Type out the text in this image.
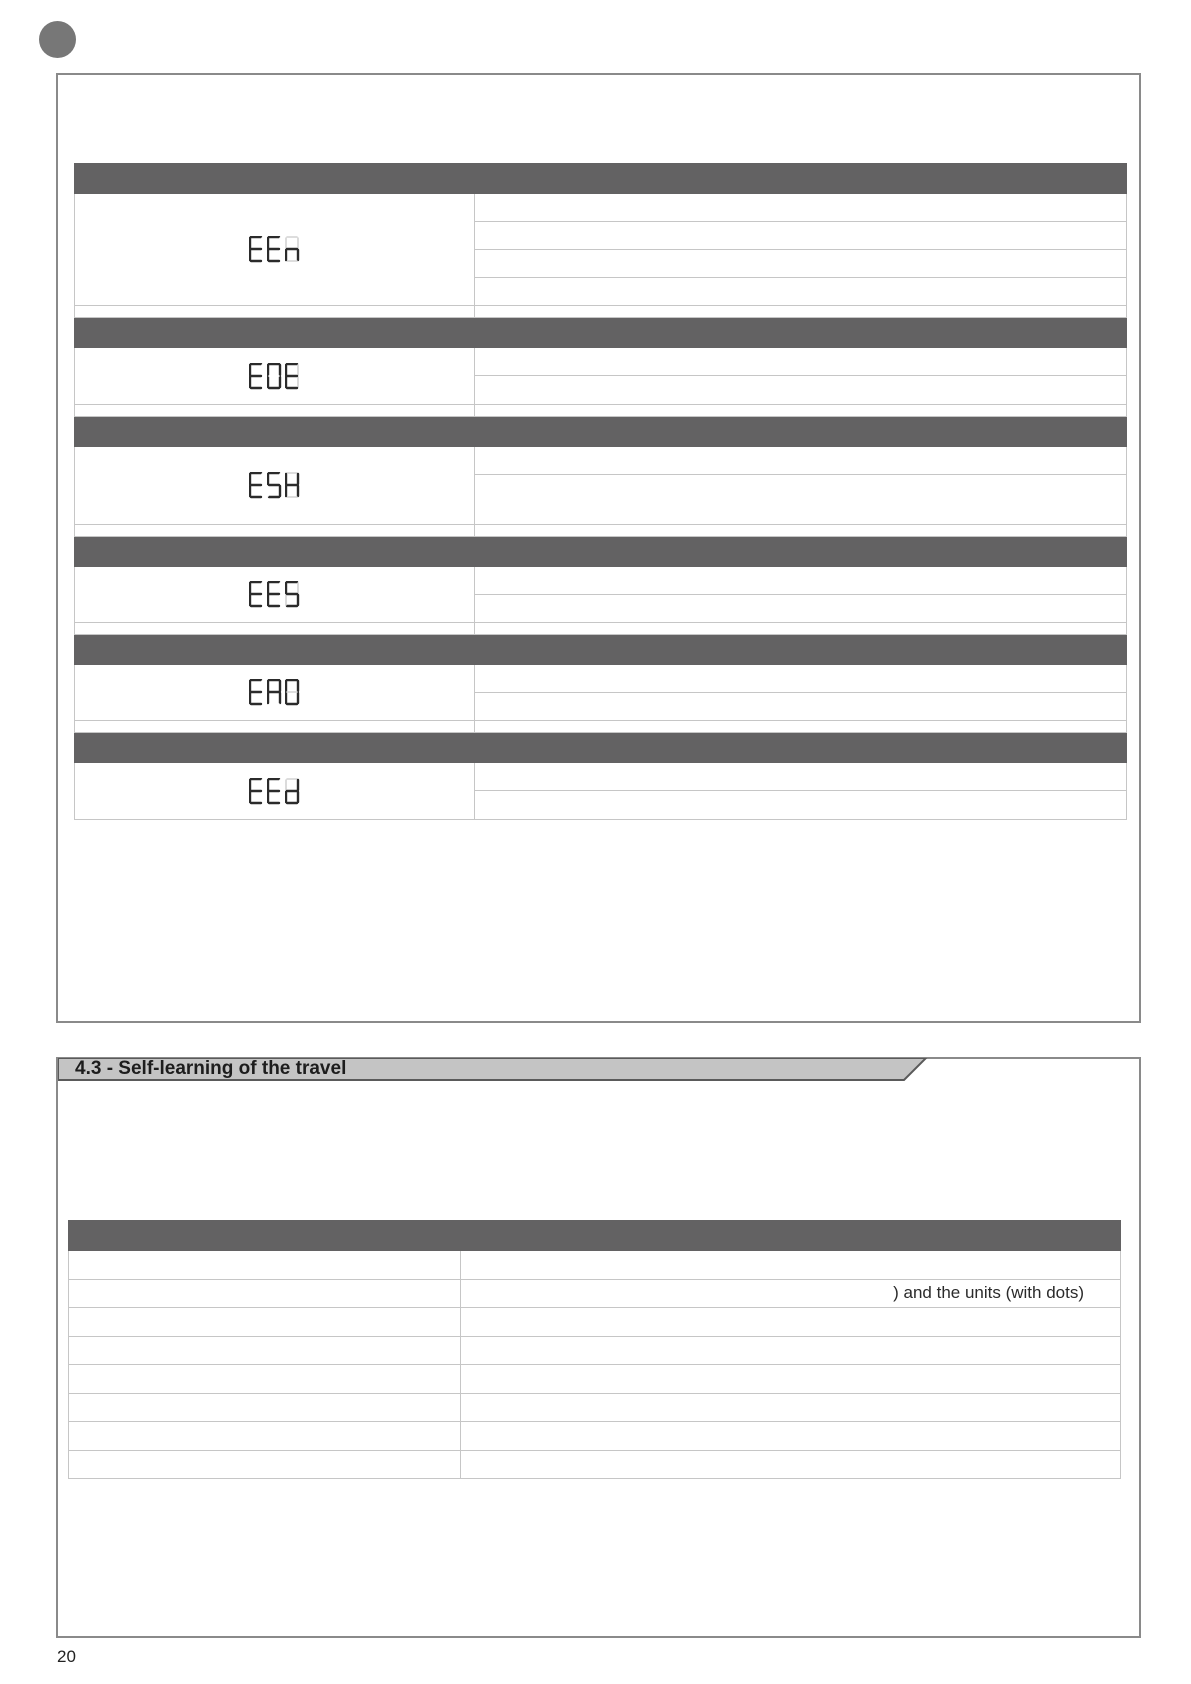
4.3 - Self-learning of the travel

	) and the units (with dots)

20
